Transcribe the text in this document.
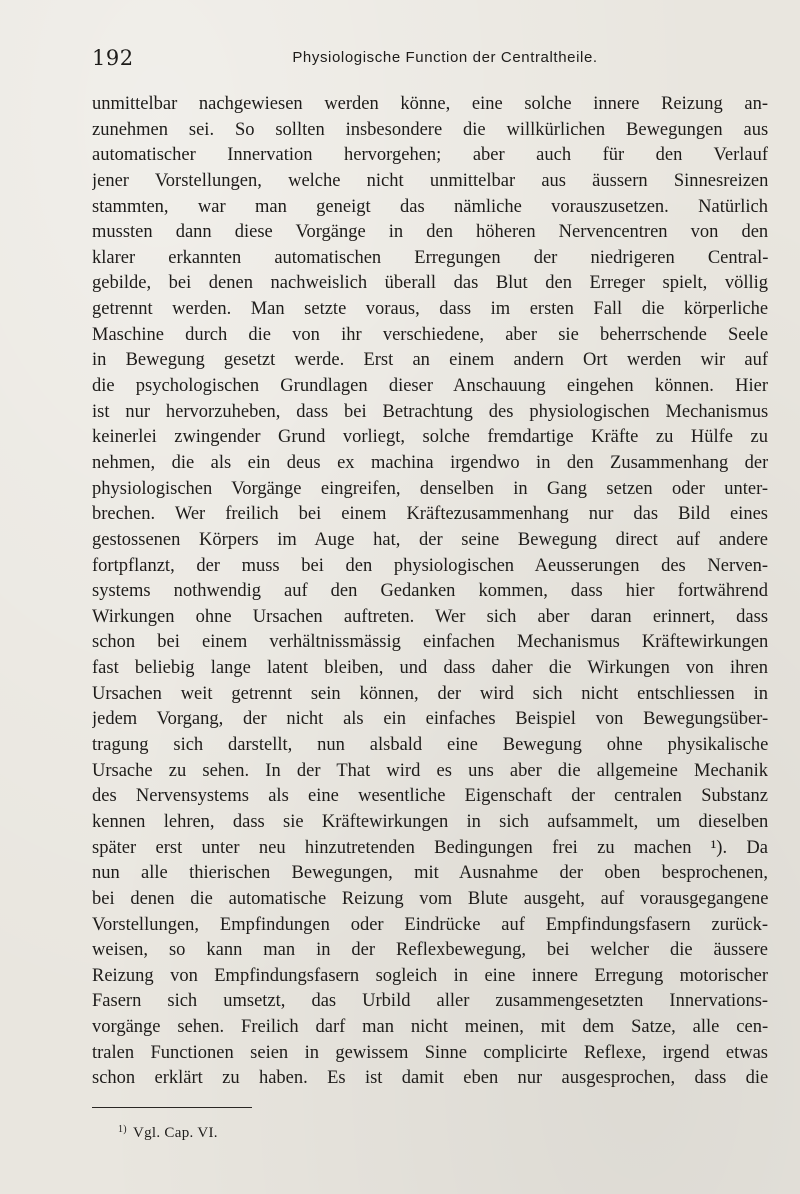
192	Physiologische Function der Centraltheile.
unmittelbar nachgewiesen werden könne, eine solche innere Reizung an-
zunehmen sei. So sollten insbesondere die willkürlichen Bewegungen aus
automatischer Innervation hervorgehen; aber auch für den Verlauf
jener Vorstellungen, welche nicht unmittelbar aus äussern Sinnesreizen
stammten, war man geneigt das nämliche vorauszusetzen. Natürlich
mussten dann diese Vorgänge in den höheren Nervencentren von den
klarer erkannten automatischen Erregungen der niedrigeren Central-
gebilde, bei denen nachweislich überall das Blut den Erreger spielt, völlig
getrennt werden. Man setzte voraus, dass im ersten Fall die körperliche
Maschine durch die von ihr verschiedene, aber sie beherrschende Seele
in Bewegung gesetzt werde. Erst an einem andern Ort werden wir auf
die psychologischen Grundlagen dieser Anschauung eingehen können. Hier
ist nur hervorzuheben, dass bei Betrachtung des physiologischen Mechanismus
keinerlei zwingender Grund vorliegt, solche fremdartige Kräfte zu Hülfe zu
nehmen, die als ein deus ex machina irgendwo in den Zusammenhang der
physiologischen Vorgänge eingreifen, denselben in Gang setzen oder unter-
brechen. Wer freilich bei einem Kräftezusammenhang nur das Bild eines
gestossenen Körpers im Auge hat, der seine Bewegung direct auf andere
fortpflanzt, der muss bei den physiologischen Aeusserungen des Nerven-
systems nothwendig auf den Gedanken kommen, dass hier fortwährend
Wirkungen ohne Ursachen auftreten. Wer sich aber daran erinnert, dass
schon bei einem verhältnissmässig einfachen Mechanismus Kräftewirkungen
fast beliebig lange latent bleiben, und dass daher die Wirkungen von ihren
Ursachen weit getrennt sein können, der wird sich nicht entschliessen in
jedem Vorgang, der nicht als ein einfaches Beispiel von Bewegungsüber-
tragung sich darstellt, nun alsbald eine Bewegung ohne physikalische
Ursache zu sehen. In der That wird es uns aber die allgemeine Mechanik
des Nervensystems als eine wesentliche Eigenschaft der centralen Substanz
kennen lehren, dass sie Kräftewirkungen in sich aufsammelt, um dieselben
später erst unter neu hinzutretenden Bedingungen frei zu machen ¹). Da
nun alle thierischen Bewegungen, mit Ausnahme der oben besprochenen,
bei denen die automatische Reizung vom Blute ausgeht, auf vorausgegangene
Vorstellungen, Empfindungen oder Eindrücke auf Empfindungsfasern zurück-
weisen, so kann man in der Reflexbewegung, bei welcher die äussere
Reizung von Empfindungsfasern sogleich in eine innere Erregung motorischer
Fasern sich umsetzt, das Urbild aller zusammengesetzten Innervations-
vorgänge sehen. Freilich darf man nicht meinen, mit dem Satze, alle cen-
tralen Functionen seien in gewissem Sinne complicirte Reflexe, irgend etwas
schon erklärt zu haben. Es ist damit eben nur ausgesprochen, dass die
$^{1)}$ Vgl. Cap. VI.
